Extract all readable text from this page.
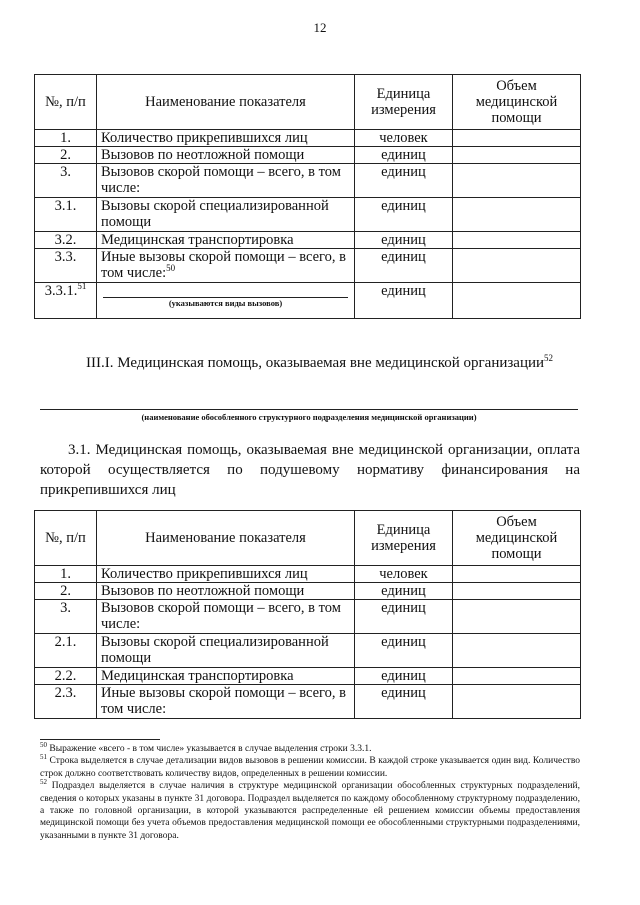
12
№, п/п	Наименование показателя	Единица измерения	Объем медицинской помощи
1.	Количество прикрепившихся лиц	человек	
2.	Вызовов по неотложной помощи	единиц	
3.	Вызовов скорой помощи – всего, в том числе:	единиц	
3.1.	Вызовы скорой специализированной помощи	единиц	
3.2.	Медицинская транспортировка	единиц	
3.3.	Иные вызовы скорой помощи – всего, в том числе:$^{50}$	единиц	
3.3.1.51	(указываются виды вызовов)	единиц	
III.I. Медицинская помощь, оказываемая вне медицинской организации$^{52}$
(наименование обособленного структурного подразделения медицинской организации)
3.1. Медицинская помощь, оказываемая вне медицинской организации, оплата которой осуществляется по подушевому нормативу финансирования на прикрепившихся лиц
№, п/п	Наименование показателя	Единица измерения	Объем медицинской помощи
1.	Количество прикрепившихся лиц	человек	
2.	Вызовов по неотложной помощи	единиц	
3.	Вызовов скорой помощи – всего, в том числе:	единиц	
2.1.	Вызовы скорой специализированной помощи	единиц	
2.2.	Медицинская транспортировка	единиц	
2.3.	Иные вызовы скорой помощи – всего, в том числе:	единиц	

$^{50}$ Выражение «всего - в том числе» указывается в случае выделения строки 3.3.1.

$^{51}$ Строка выделяется в случае детализации видов вызовов в решении комиссии. В каждой строке указывается один вид. Количество строк должно соответствовать количеству видов, определенных в решении комиссии.

$^{52}$ Подраздел выделяется в случае наличия в структуре медицинской организации обособленных структурных подразделений, сведения о которых указаны в пункте 31 договора. Подраздел выделяется по каждому обособленному структурному подразделению, а также по головной организации, в которой указываются распределенные ей решением комиссии объемы предоставления медицинской помощи без учета объемов предоставления медицинской помощи ее обособленными структурными подразделениями, указанными в пункте 31 договора.
